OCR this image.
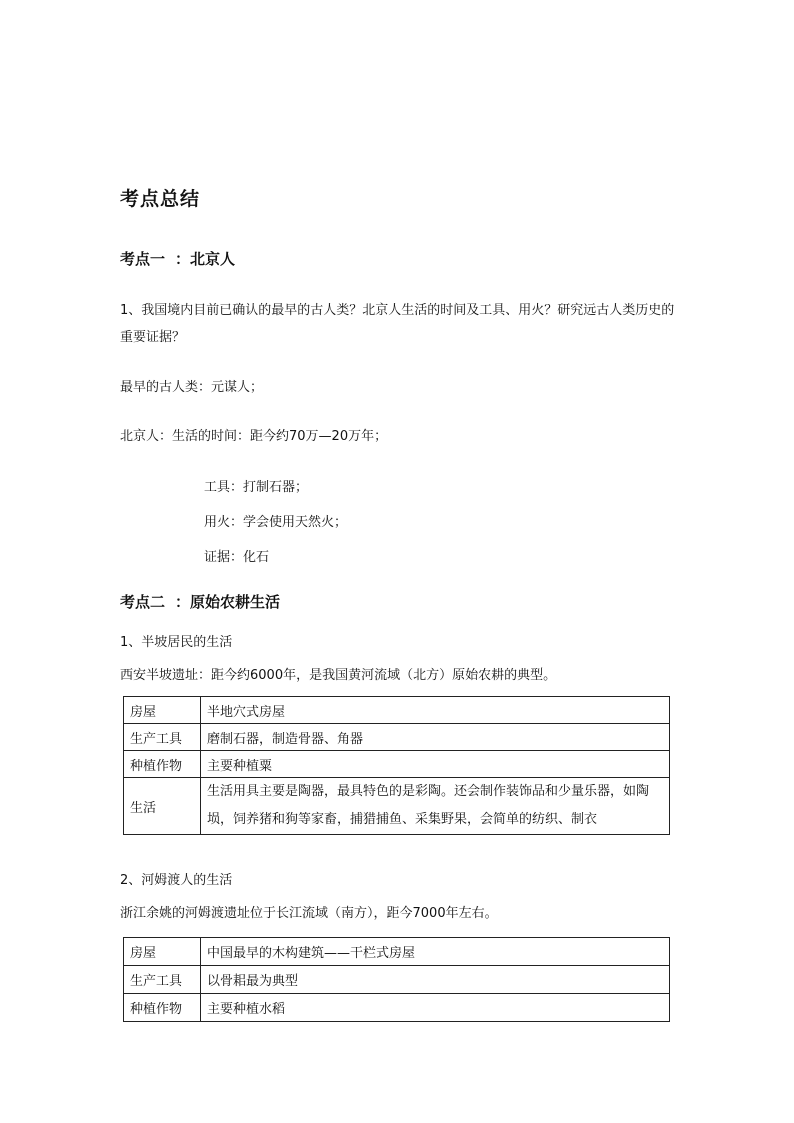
考点总结
考点一 ：北京人
1、我国境内目前已确认的最早的古人类？北京人生活的时间及工具、用火？研究远古人类历史的重要证据？
最早的古人类：元谋人；
北京人：生活的时间：距今约70万—20万年；
工具：打制石器；
用火：学会使用天然火；
证据：化石
考点二 ：原始农耕生活
1、半坡居民的生活
西安半坡遗址：距今约6000年，是我国黄河流域（北方）原始农耕的典型。
房屋	半地穴式房屋
生产工具	磨制石器，制造骨器、角器
种植作物	主要种植粟
生活	生活用具主要是陶器，最具特色的是彩陶。还会制作装饰品和少量乐器，如陶埙，饲养猪和狗等家畜，捕猎捕鱼、采集野果，会简单的纺织、制衣
2、河姆渡人的生活
浙江余姚的河姆渡遗址位于长江流域（南方），距今7000年左右。
房屋	中国最早的木构建筑——干栏式房屋
生产工具	以骨耜最为典型
种植作物	主要种植水稻
